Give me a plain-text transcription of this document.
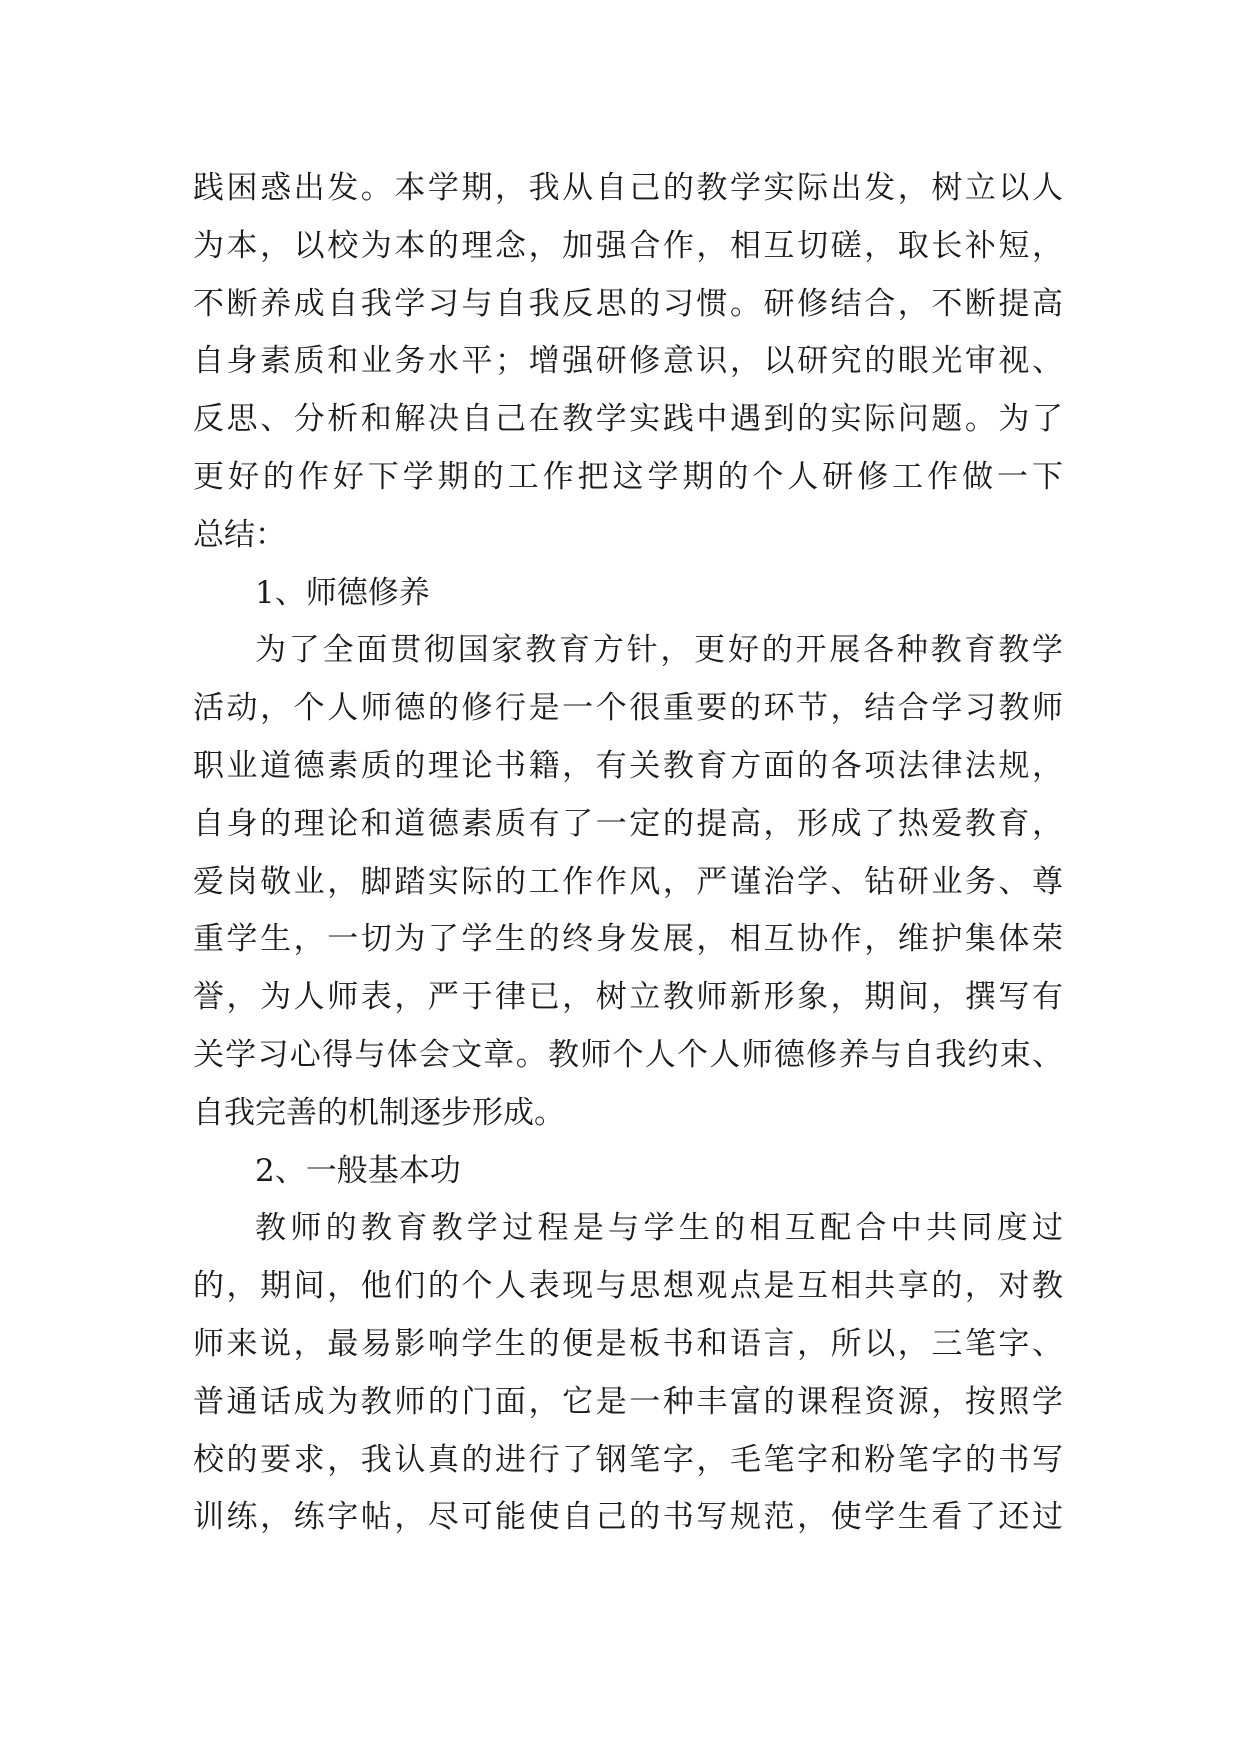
践困惑出发。本学期，我从自己的教学实际出发，树立以人
为本，以校为本的理念，加强合作，相互切磋，取长补短，
不断养成自我学习与自我反思的习惯。研修结合，不断提高
自身素质和业务水平；增强研修意识，以研究的眼光审视、
反思、分析和解决自己在教学实践中遇到的实际问题。为了
更好的作好下学期的工作把这学期的个人研修工作做一下
总结：
1、师德修养
为了全面贯彻国家教育方针，更好的开展各种教育教学
活动，个人师德的修行是一个很重要的环节，结合学习教师
职业道德素质的理论书籍，有关教育方面的各项法律法规，
自身的理论和道德素质有了一定的提高，形成了热爱教育，
爱岗敬业，脚踏实际的工作作风，严谨治学、钻研业务、尊
重学生，一切为了学生的终身发展，相互协作，维护集体荣
誉，为人师表，严于律已，树立教师新形象，期间，撰写有
关学习心得与体会文章。教师个人个人师德修养与自我约束、
自我完善的机制逐步形成。
2、一般基本功
教师的教育教学过程是与学生的相互配合中共同度过
的，期间，他们的个人表现与思想观点是互相共享的，对教
师来说，最易影响学生的便是板书和语言，所以，三笔字、
普通话成为教师的门面，它是一种丰富的课程资源，按照学
校的要求，我认真的进行了钢笔字，毛笔字和粉笔字的书写
训练，练字帖，尽可能使自己的书写规范，使学生看了还过
